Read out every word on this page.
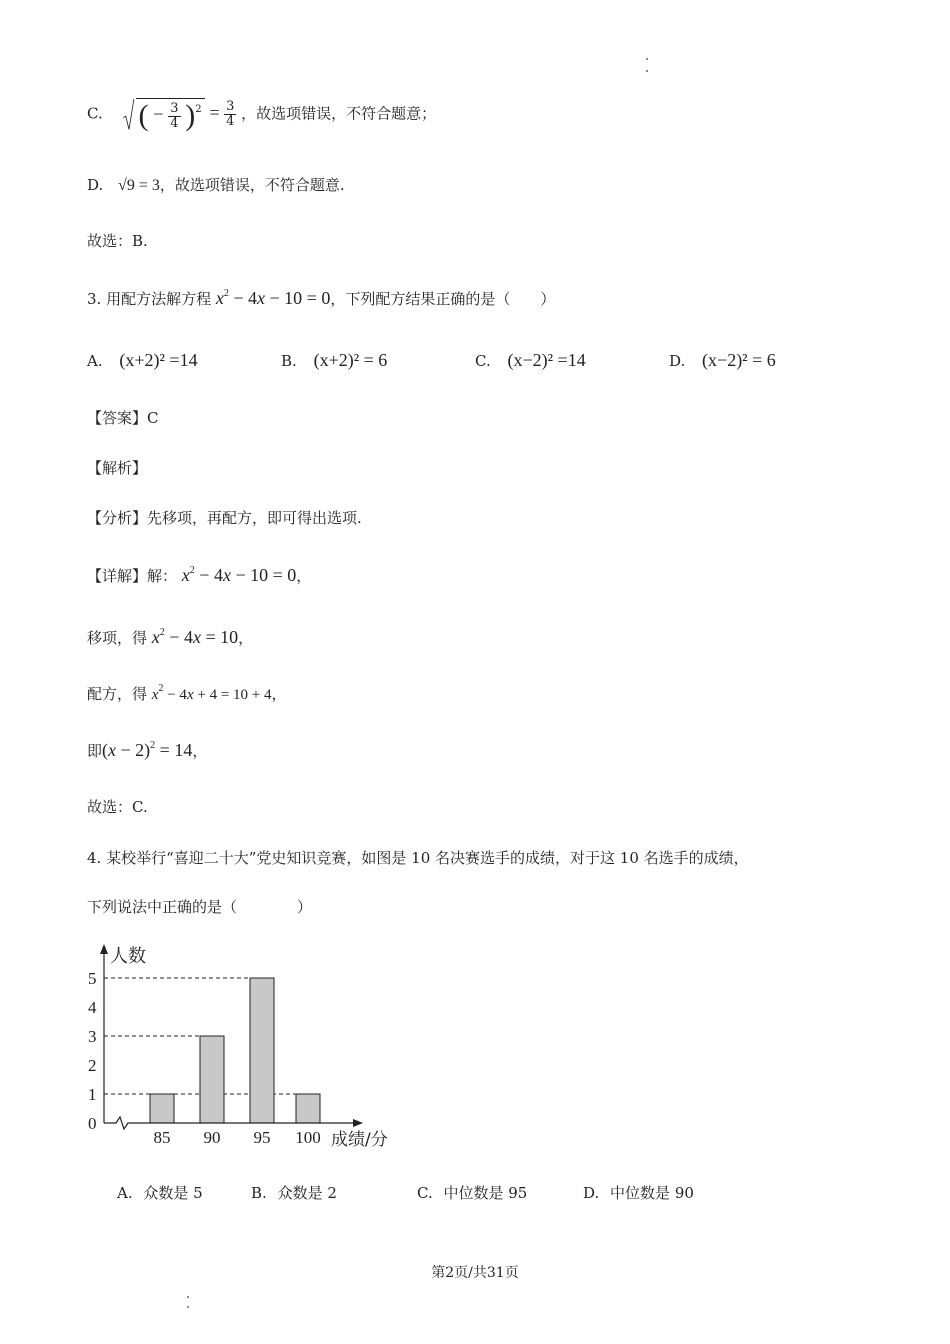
C. ( − $\frac{3}{4} )^2 = \frac{3}{4}$ ，故选项错误，不符合题意；
D. √9 = 3，故选项错误，不符合题意.
故选：B.
3. 用配方法解方程 $x^2 - 4x - 10 = 0$，下列配方结果正确的是（　　）
A. (x+2)² =14	B. (x+2)² = 6	C. (x−2)² =14	D. (x−2)² = 6
【答案】C
【解析】
【分析】先移项，再配方，即可得出选项.
【详解】解： $x^2 - 4x - 10 = 0$，
移项，得 $x^2 - 4x = 10$，
配方，得 $x^2 - 4x + 4 = 10 + 4$，
即$(x - 2)^2 = 14$，
故选：C.
4. 某校举行“喜迎二十大”党史知识竞赛，如图是 10 名决赛选手的成绩，对于这 10 名选手的成绩，
下列说法中正确的是（　　　　）
0
1
2
3
4
5
85 90 95 100
人数
成绩/分
A. 众数是 5	B. 众数是 2	C. 中位数是 95	D. 中位数是 90
第2页/共31页
